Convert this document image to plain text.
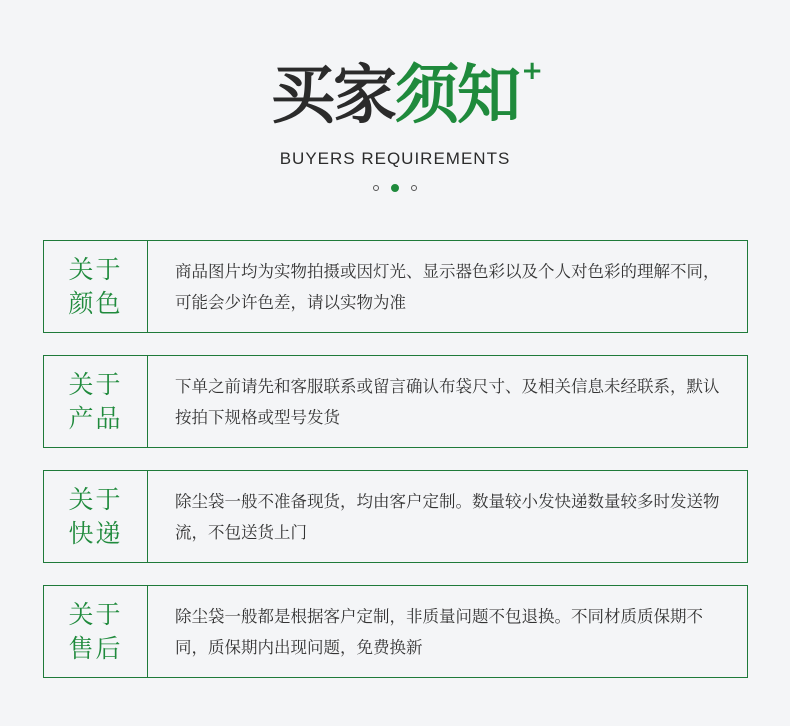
买家须知 +
BUYERS REQUIREMENTS
关于
颜色
商品图片均为实物拍摄或因灯光、显示器色彩以及个人对色彩的理解不同，可能会少许色差，请以实物为准
关于
产品
下单之前请先和客服联系或留言确认布袋尺寸、及相关信息未经联系，默认按拍下规格或型号发货
关于
快递
除尘袋一般不准备现货，均由客户定制。数量较小发快递数量较多时发送物流，不包送货上门
关于
售后
除尘袋一般都是根据客户定制，非质量问题不包退换。不同材质质保期不同，质保期内出现问题，免费换新
